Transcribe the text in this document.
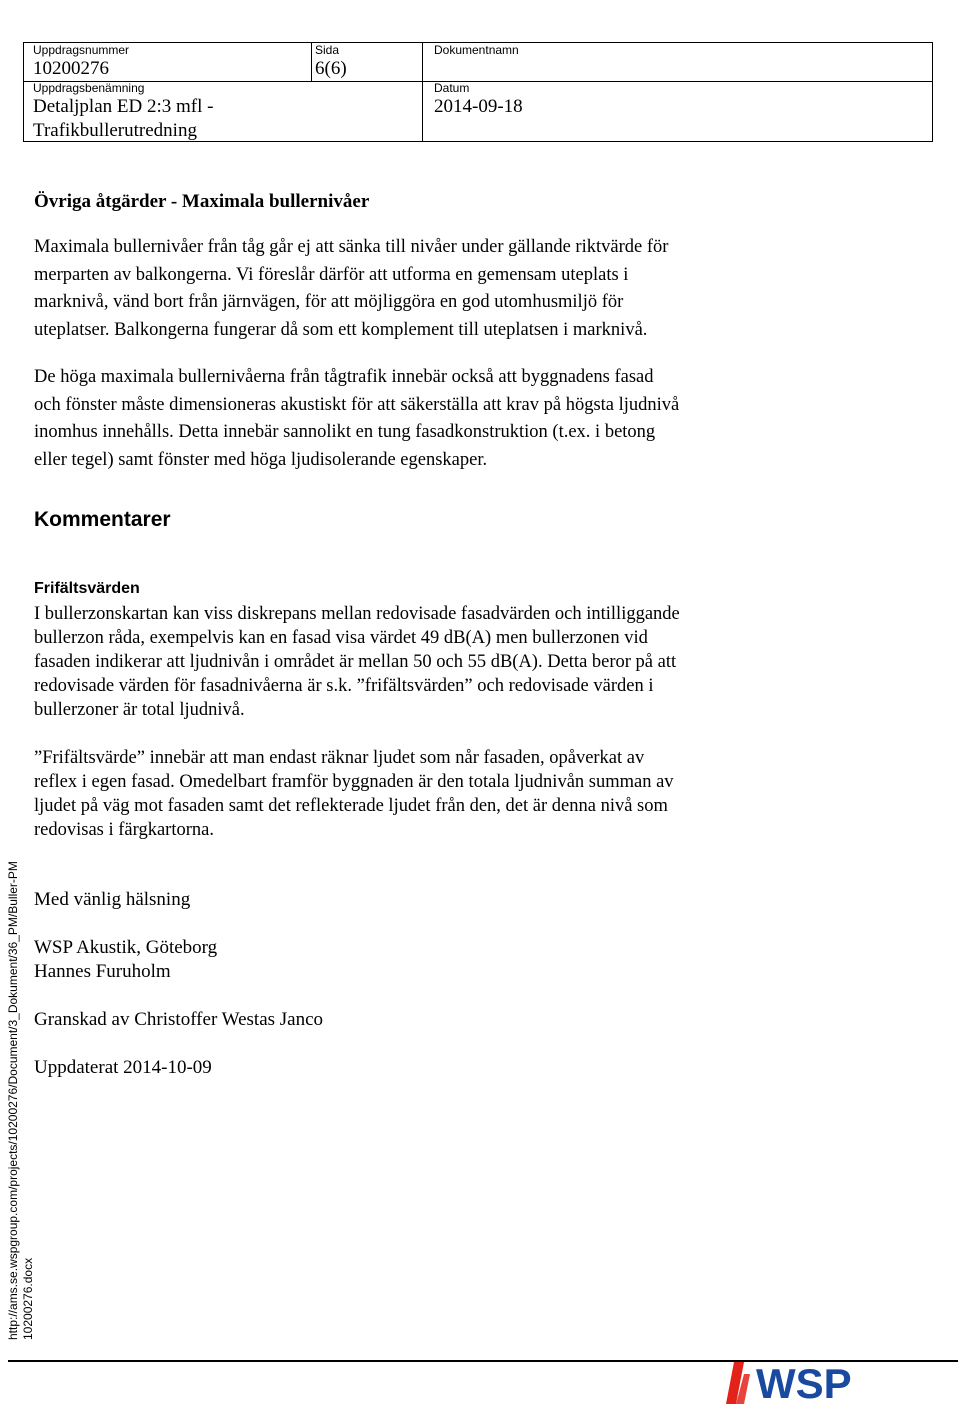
Uppdragsnummer
10200276
Sida
6(6)
Dokumentnamn
Uppdragsbenämning
Detaljplan ED 2:3 mfl -
Trafikbullerutredning
Datum
2014-09-18
Övriga åtgärder - Maximala bullernivåer

Maximala bullernivåer från tåg går ej att sänka till nivåer under gällande riktvärde för

merparten av balkongerna. Vi föreslår därför att utforma en gemensam uteplats i

marknivå, vänd bort från järnvägen, för att möjliggöra en god utomhusmiljö för

uteplatser. Balkongerna fungerar då som ett komplement till uteplatsen i marknivå.

De höga maximala bullernivåerna från tågtrafik innebär också att byggnadens fasad

och fönster måste dimensioneras akustiskt för att säkerställa att krav på högsta ljudnivå

inomhus innehålls. Detta innebär sannolikt en tung fasadkonstruktion (t.ex. i betong

eller tegel) samt fönster med höga ljudisolerande egenskaper.

Kommentarer
Frifältsvärden

I bullerzonskartan kan viss diskrepans mellan redovisade fasadvärden och intilliggande

bullerzon råda, exempelvis kan en fasad visa värdet 49 dB(A) men bullerzonen vid

fasaden indikerar att ljudnivån i området är mellan 50 och 55 dB(A). Detta beror på att

redovisade värden för fasadnivåerna är s.k. ”frifältsvärden” och redovisade värden i

bullerzoner är total ljudnivå.

”Frifältsvärde” innebär att man endast räknar ljudet som når fasaden, opåverkat av

reflex i egen fasad. Omedelbart framför byggnaden är den totala ljudnivån summan av

ljudet på väg mot fasaden samt det reflekterade ljudet från den, det är denna nivå som

redovisas i färgkartorna.

Med vänlig hälsning

WSP Akustik, Göteborg

Hannes Furuholm

Granskad av Christoffer Westas Janco

Uppdaterat 2014-10-09

http://ams.se.wspgroup.com/projects/10200276/Document/3_Dokument/36_PM/Buller-PM 10200276.docx
WSP
